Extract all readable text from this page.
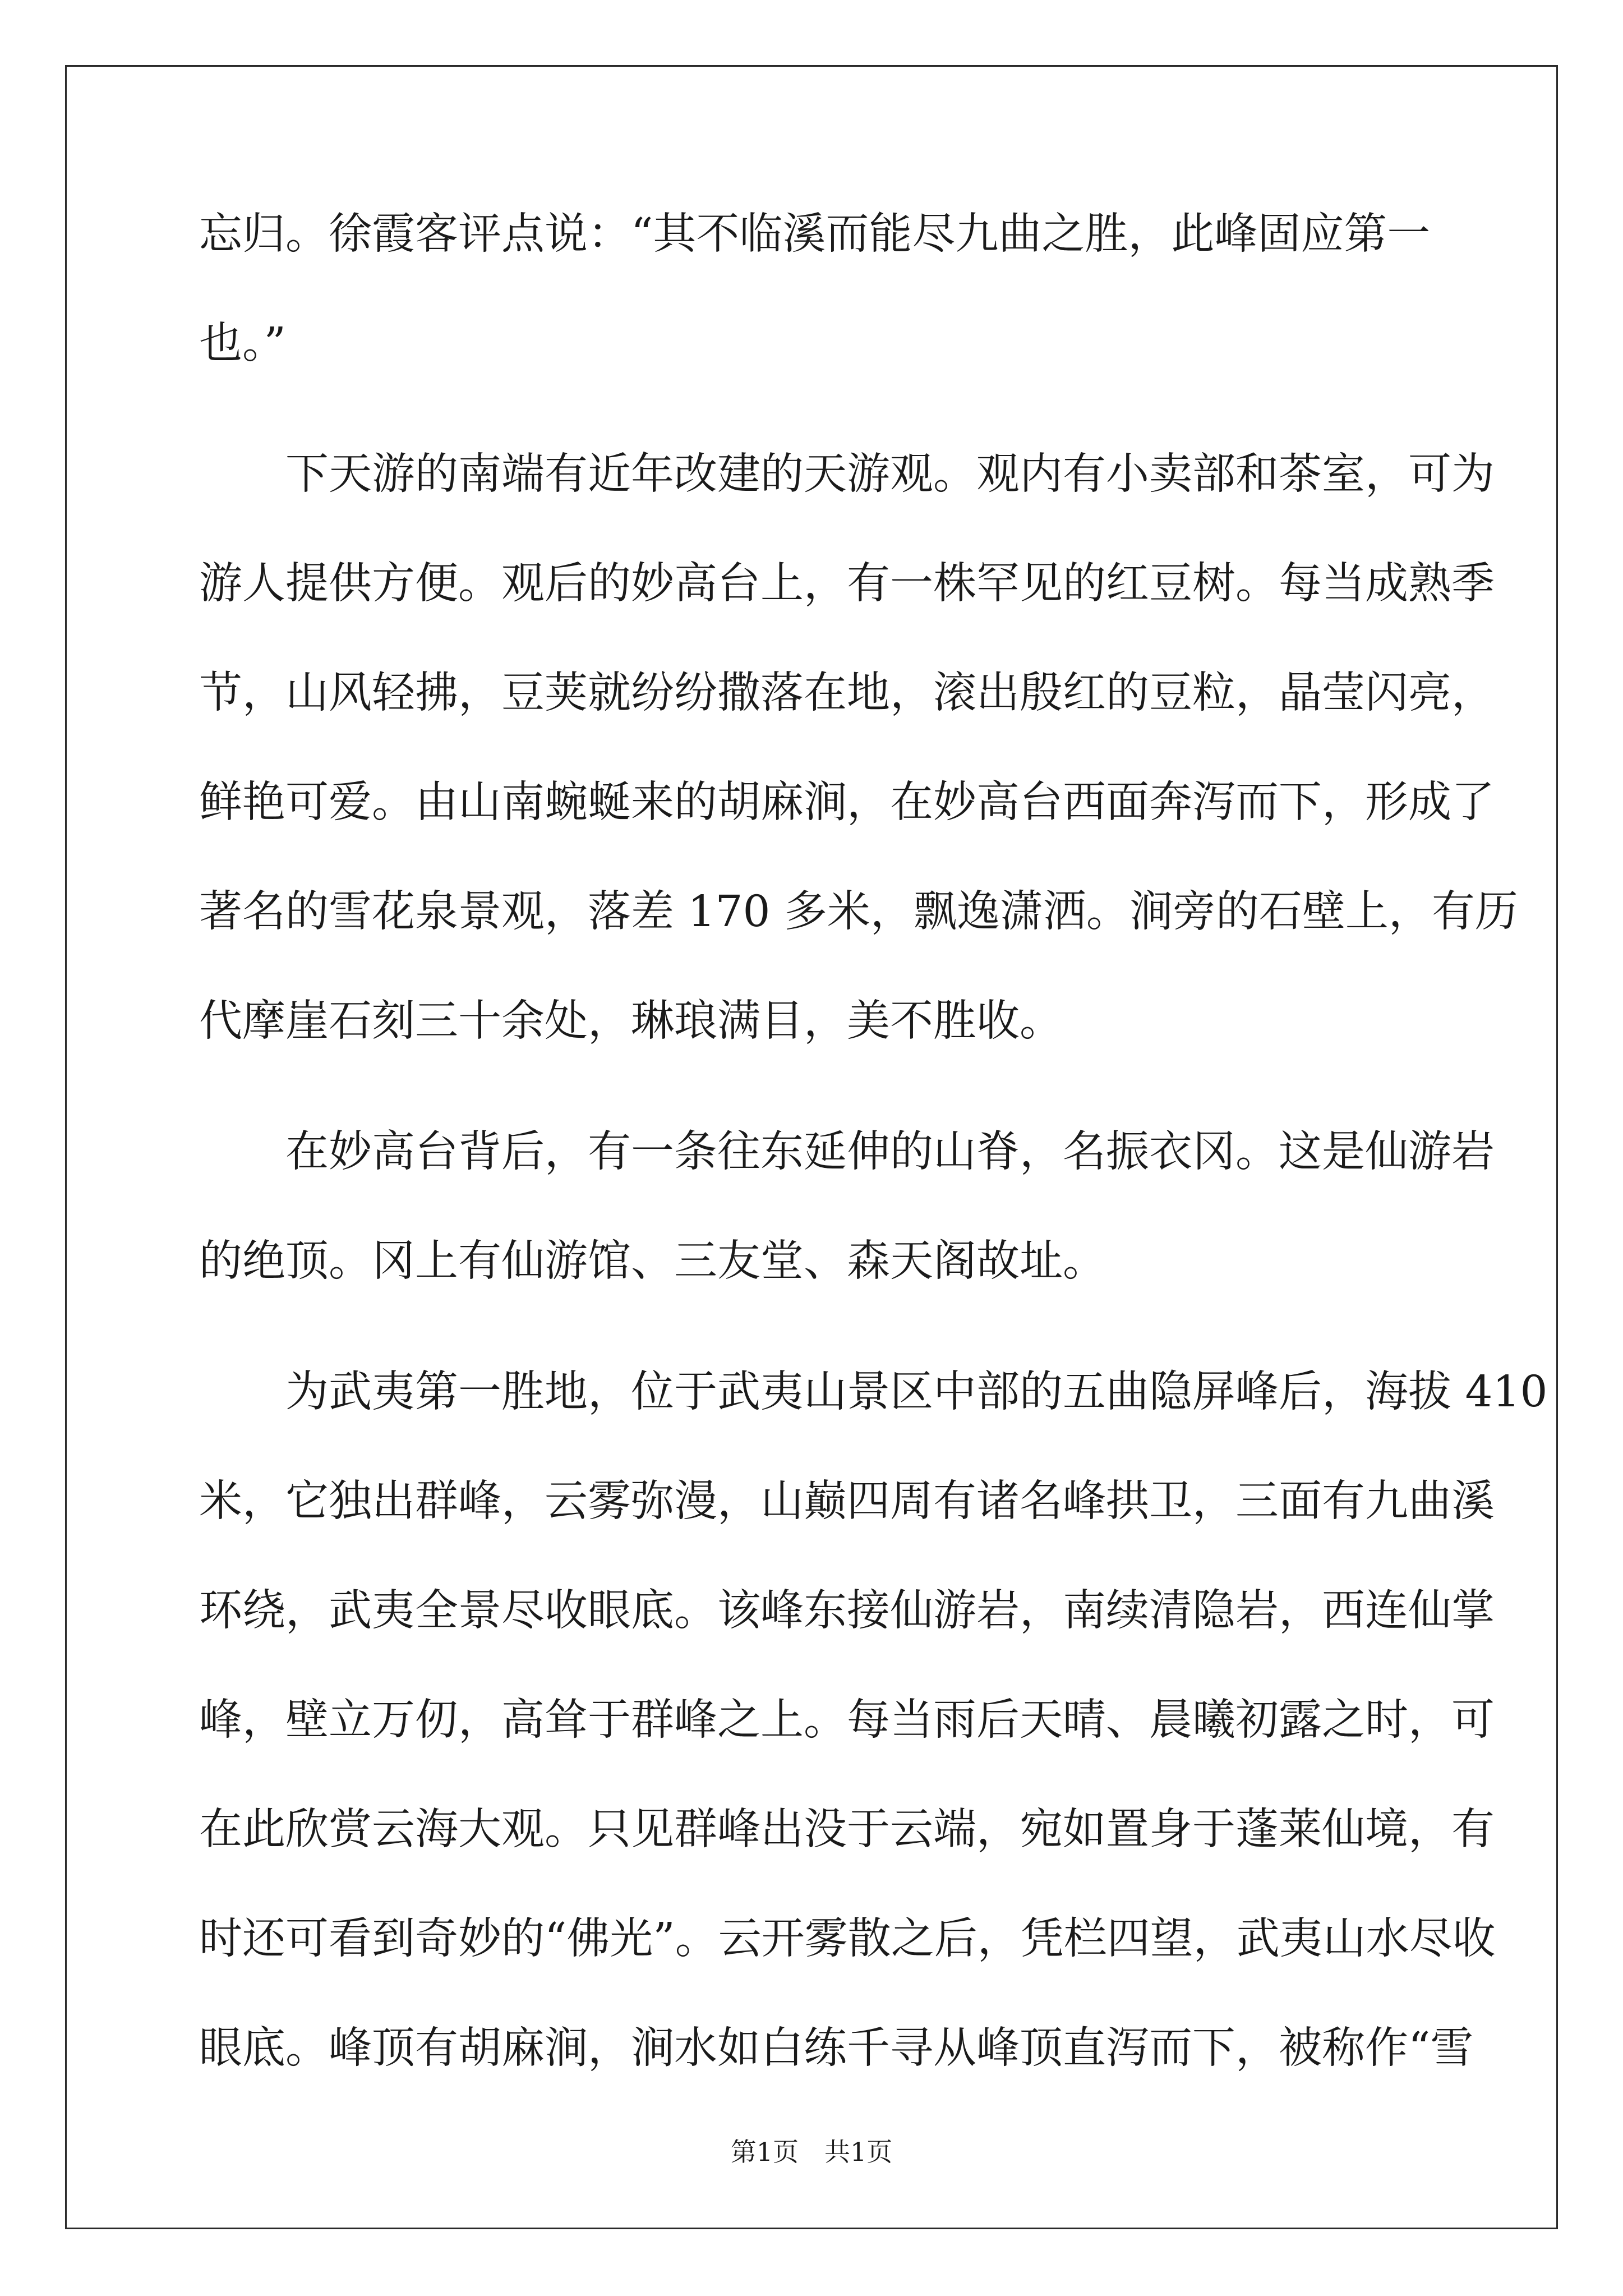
忘归。徐霞客评点说：“其不临溪而能尽九曲之胜，此峰固应第一
也。”
　　下天游的南端有近年改建的天游观。观内有小卖部和茶室，可为
游人提供方便。观后的妙高台上，有一株罕见的红豆树。每当成熟季
节，山风轻拂，豆荚就纷纷撒落在地，滚出殷红的豆粒，晶莹闪亮，
鲜艳可爱。由山南蜿蜒来的胡麻涧，在妙高台西面奔泻而下，形成了
著名的雪花泉景观，落差 170 多米，飘逸潇洒。涧旁的石壁上，有历
代摩崖石刻三十余处，琳琅满目，美不胜收。
　　在妙高台背后，有一条往东延伸的山脊，名振衣冈。这是仙游岩
的绝顶。冈上有仙游馆、三友堂、森天阁故址。
　　为武夷第一胜地，位于武夷山景区中部的五曲隐屏峰后，海拔 410
米，它独出群峰，云雾弥漫，山巅四周有诸名峰拱卫，三面有九曲溪
环绕，武夷全景尽收眼底。该峰东接仙游岩，南续清隐岩，西连仙掌
峰，壁立万仞，高耸于群峰之上。每当雨后天晴、晨曦初露之时，可
在此欣赏云海大观。只见群峰出没于云端，宛如置身于蓬莱仙境，有
时还可看到奇妙的“佛光”。云开雾散之后，凭栏四望，武夷山水尽收
眼底。峰顶有胡麻涧，涧水如白练千寻从峰顶直泻而下，被称作“雪
第1页　共1页
